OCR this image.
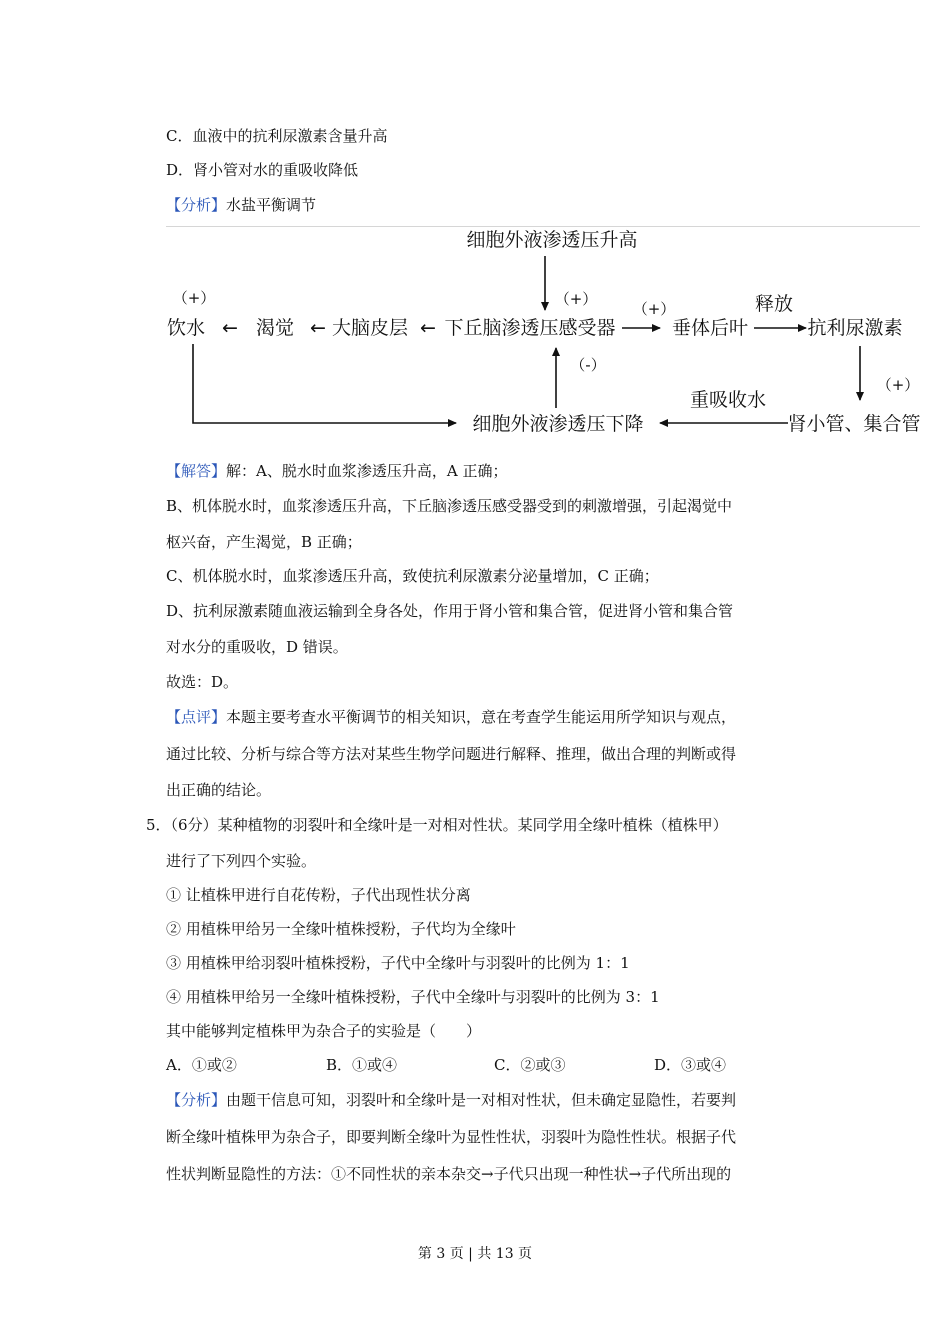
C．血液中的抗利尿激素含量升高
D．肾小管对水的重吸收降低
【分析】水盐平衡调节
细胞外液渗透压升高
（+）
（+）
饮水 ← 渴觉 ← 大脑皮层 ← 下丘脑渗透压感受器
（+）
垂体后叶
释放
抗利尿激素
（+）
肾小管、集合管
重吸收水
细胞外液渗透压下降
（-）
【解答】解：A、脱水时血浆渗透压升高，A 正确；
B、机体脱水时，血浆渗透压升高，下丘脑渗透压感受器受到的刺激增强，引起渴觉中
枢兴奋，产生渴觉，B 正确；
C、机体脱水时，血浆渗透压升高，致使抗利尿激素分泌量增加，C 正确；
D、抗利尿激素随血液运输到全身各处，作用于肾小管和集合管，促进肾小管和集合管
对水分的重吸收，D 错误。
故选：D。
【点评】本题主要考查水平衡调节的相关知识，意在考查学生能运用所学知识与观点，
通过比较、分析与综合等方法对某些生物学问题进行解释、推理，做出合理的判断或得
出正确的结论。
5．（6分）某种植物的羽裂叶和全缘叶是一对相对性状。某同学用全缘叶植株（植株甲）
进行了下列四个实验。
① 让植株甲进行自花传粉，子代出现性状分离
② 用植株甲给另一全缘叶植株授粉，子代均为全缘叶
③ 用植株甲给羽裂叶植株授粉，子代中全缘叶与羽裂叶的比例为 1：1
④ 用植株甲给另一全缘叶植株授粉，子代中全缘叶与羽裂叶的比例为 3：1
其中能够判定植株甲为杂合子的实验是（　　）
A．①或②	B．①或④	C．②或③	D．③或④
【分析】由题干信息可知，羽裂叶和全缘叶是一对相对性状，但未确定显隐性，若要判
断全缘叶植株甲为杂合子，即要判断全缘叶为显性性状，羽裂叶为隐性性状。根据子代
性状判断显隐性的方法：①不同性状的亲本杂交→子代只出现一种性状→子代所出现的
第 3 页 | 共 13 页
